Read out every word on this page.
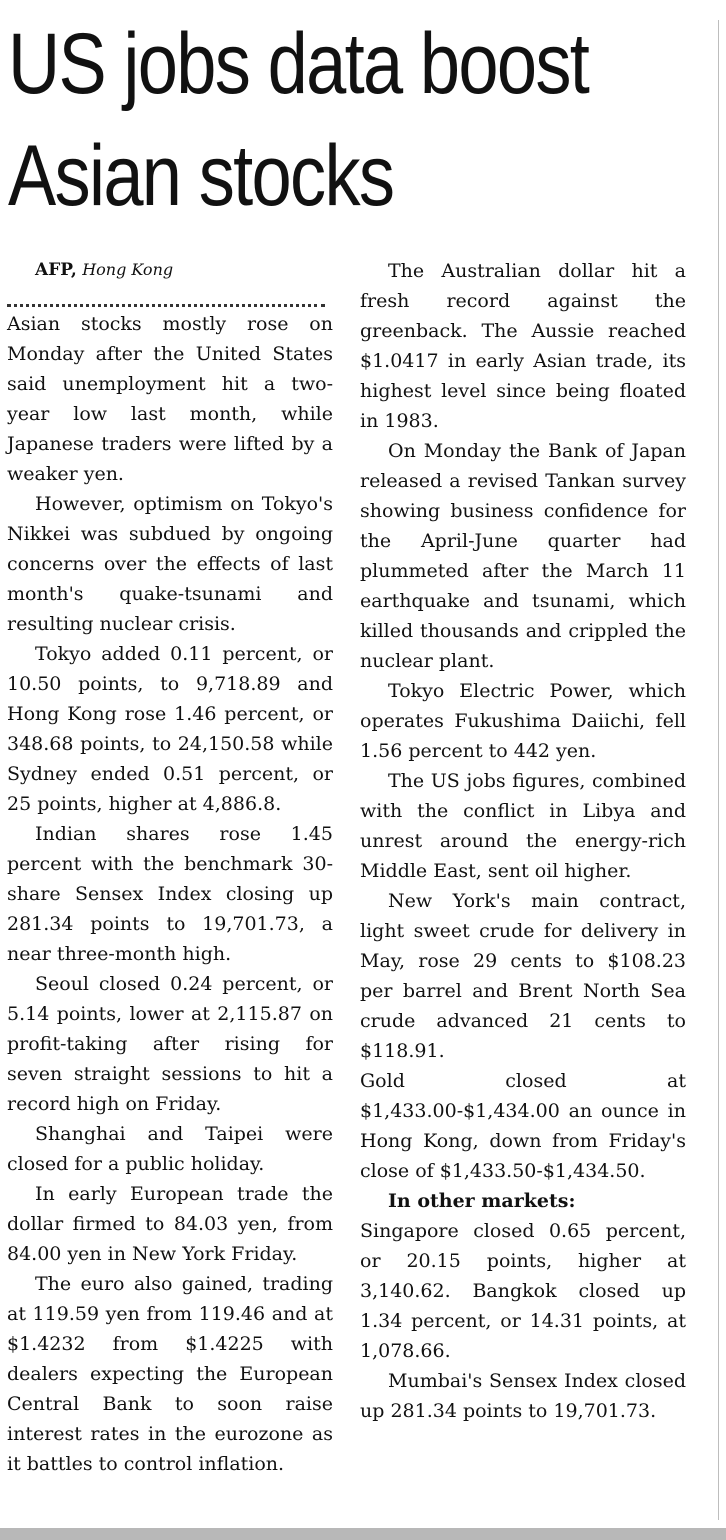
US jobs data boost
Asian stocks

AFP, Hong Kong

Asian stocks mostly rose on Monday after the United States said unemployment hit a two-year low last month, while Japanese traders were lifted by a weaker yen.

However, optimism on Tokyo's Nikkei was subdued by ongoing concerns over the effects of last month's quake-tsunami and resulting nuclear crisis.

Tokyo added 0.11 percent, or 10.50 points, to 9,718.89 and Hong Kong rose 1.46 percent, or 348.68 points, to 24,150.58 while Sydney ended 0.51 percent, or 25 points, higher at 4,886.8.

Indian shares rose 1.45 percent with the benchmark 30-share Sensex Index closing up 281.34 points to 19,701.73, a near three-month high.

Seoul closed 0.24 percent, or 5.14 points, lower at 2,115.87 on profit-taking after rising for seven straight sessions to hit a record high on Friday.

Shanghai and Taipei were closed for a public holiday.

In early European trade the dollar firmed to 84.03 yen, from 84.00 yen in New York Friday.

The euro also gained, trading at 119.59 yen from 119.46 and at $1.4232 from $1.4225 with dealers expecting the European Central Bank to soon raise interest rates in the eurozone as it battles to control inflation.

The Australian dollar hit a fresh record against the greenback. The Aussie reached $1.0417 in early Asian trade, its highest level since being floated in 1983.

On Monday the Bank of Japan released a revised Tankan survey showing business confidence for the April-June quarter had plummeted after the March 11 earthquake and tsunami, which killed thousands and crippled the nuclear plant.

Tokyo Electric Power, which operates Fukushima Daiichi, fell 1.56 percent to 442 yen.

The US jobs figures, combined with the conflict in Libya and unrest around the energy-rich Middle East, sent oil higher.

New York's main contract, light sweet crude for delivery in May, rose 29 cents to $108.23 per barrel and Brent North Sea crude advanced 21 cents to $118.91.

Gold closed at $1,433.00-$1,434.00 an ounce in Hong Kong, down from Friday's close of $1,433.50-$1,434.50.

In other markets:

Singapore closed 0.65 percent, or 20.15 points, higher at 3,140.62. Bangkok closed up 1.34 percent, or 14.31 points, at 1,078.66.

Mumbai's Sensex Index closed up 281.34 points to 19,701.73.
